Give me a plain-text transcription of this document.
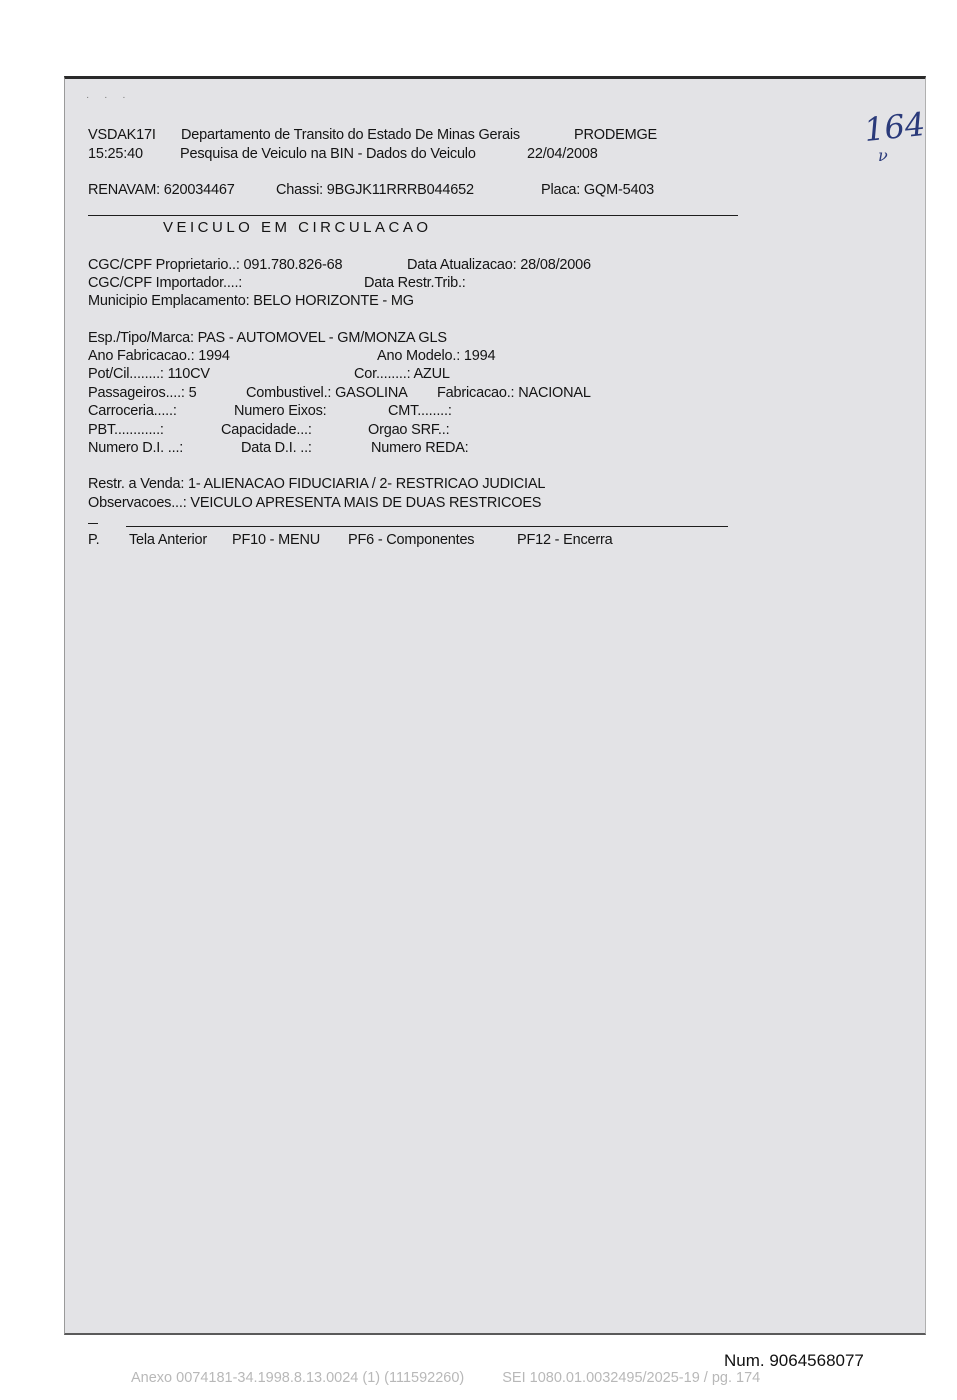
· · ·
VSDAK17I Departamento de Transito do Estado De Minas Gerais	PRODEMGE
15:25:40	Pesquisa de Veiculo na BIN - Dados do Veiculo	22/04/2008
RENAVAM: 620034467	Chassi: 9BGJK11RRRB044652	Placa: GQM-5403
VEICULO EM CIRCULACAO
CGC/CPF Proprietario..: 091.780.826-68	Data Atualizacao: 28/08/2006
CGC/CPF Importador....:	Data Restr.Trib.:
Municipio Emplacamento: BELO HORIZONTE - MG
Esp./Tipo/Marca: PAS - AUTOMOVEL - GM/MONZA GLS
Ano Fabricacao.: 1994	Ano Modelo.: 1994
Pot/Cil........: 110CV	Cor........: AZUL
Passageiros....: 5	Combustivel.: GASOLINA Fabricacao.: NACIONAL
Carroceria.....:	Numero Eixos:	CMT........:
PBT............:	Capacidade...:	Orgao SRF..:
Numero D.I. ...:	Data D.I. ..:	Numero REDA:
Restr. a Venda: 1- ALIENACAO FIDUCIARIA / 2- RESTRICAO JUDICIAL
Observacoes...: VEICULO APRESENTA MAIS DE DUAS RESTRICOES
P. Tela Anterior PF10 - MENU PF6 - Componentes	PF12 - Encerra
164
ν
Num. 9064568077
Anexo 0074181-34.1998.8.13.0024 (1) (111592260)	SEI 1080.01.0032495/2025-19 / pg. 174
